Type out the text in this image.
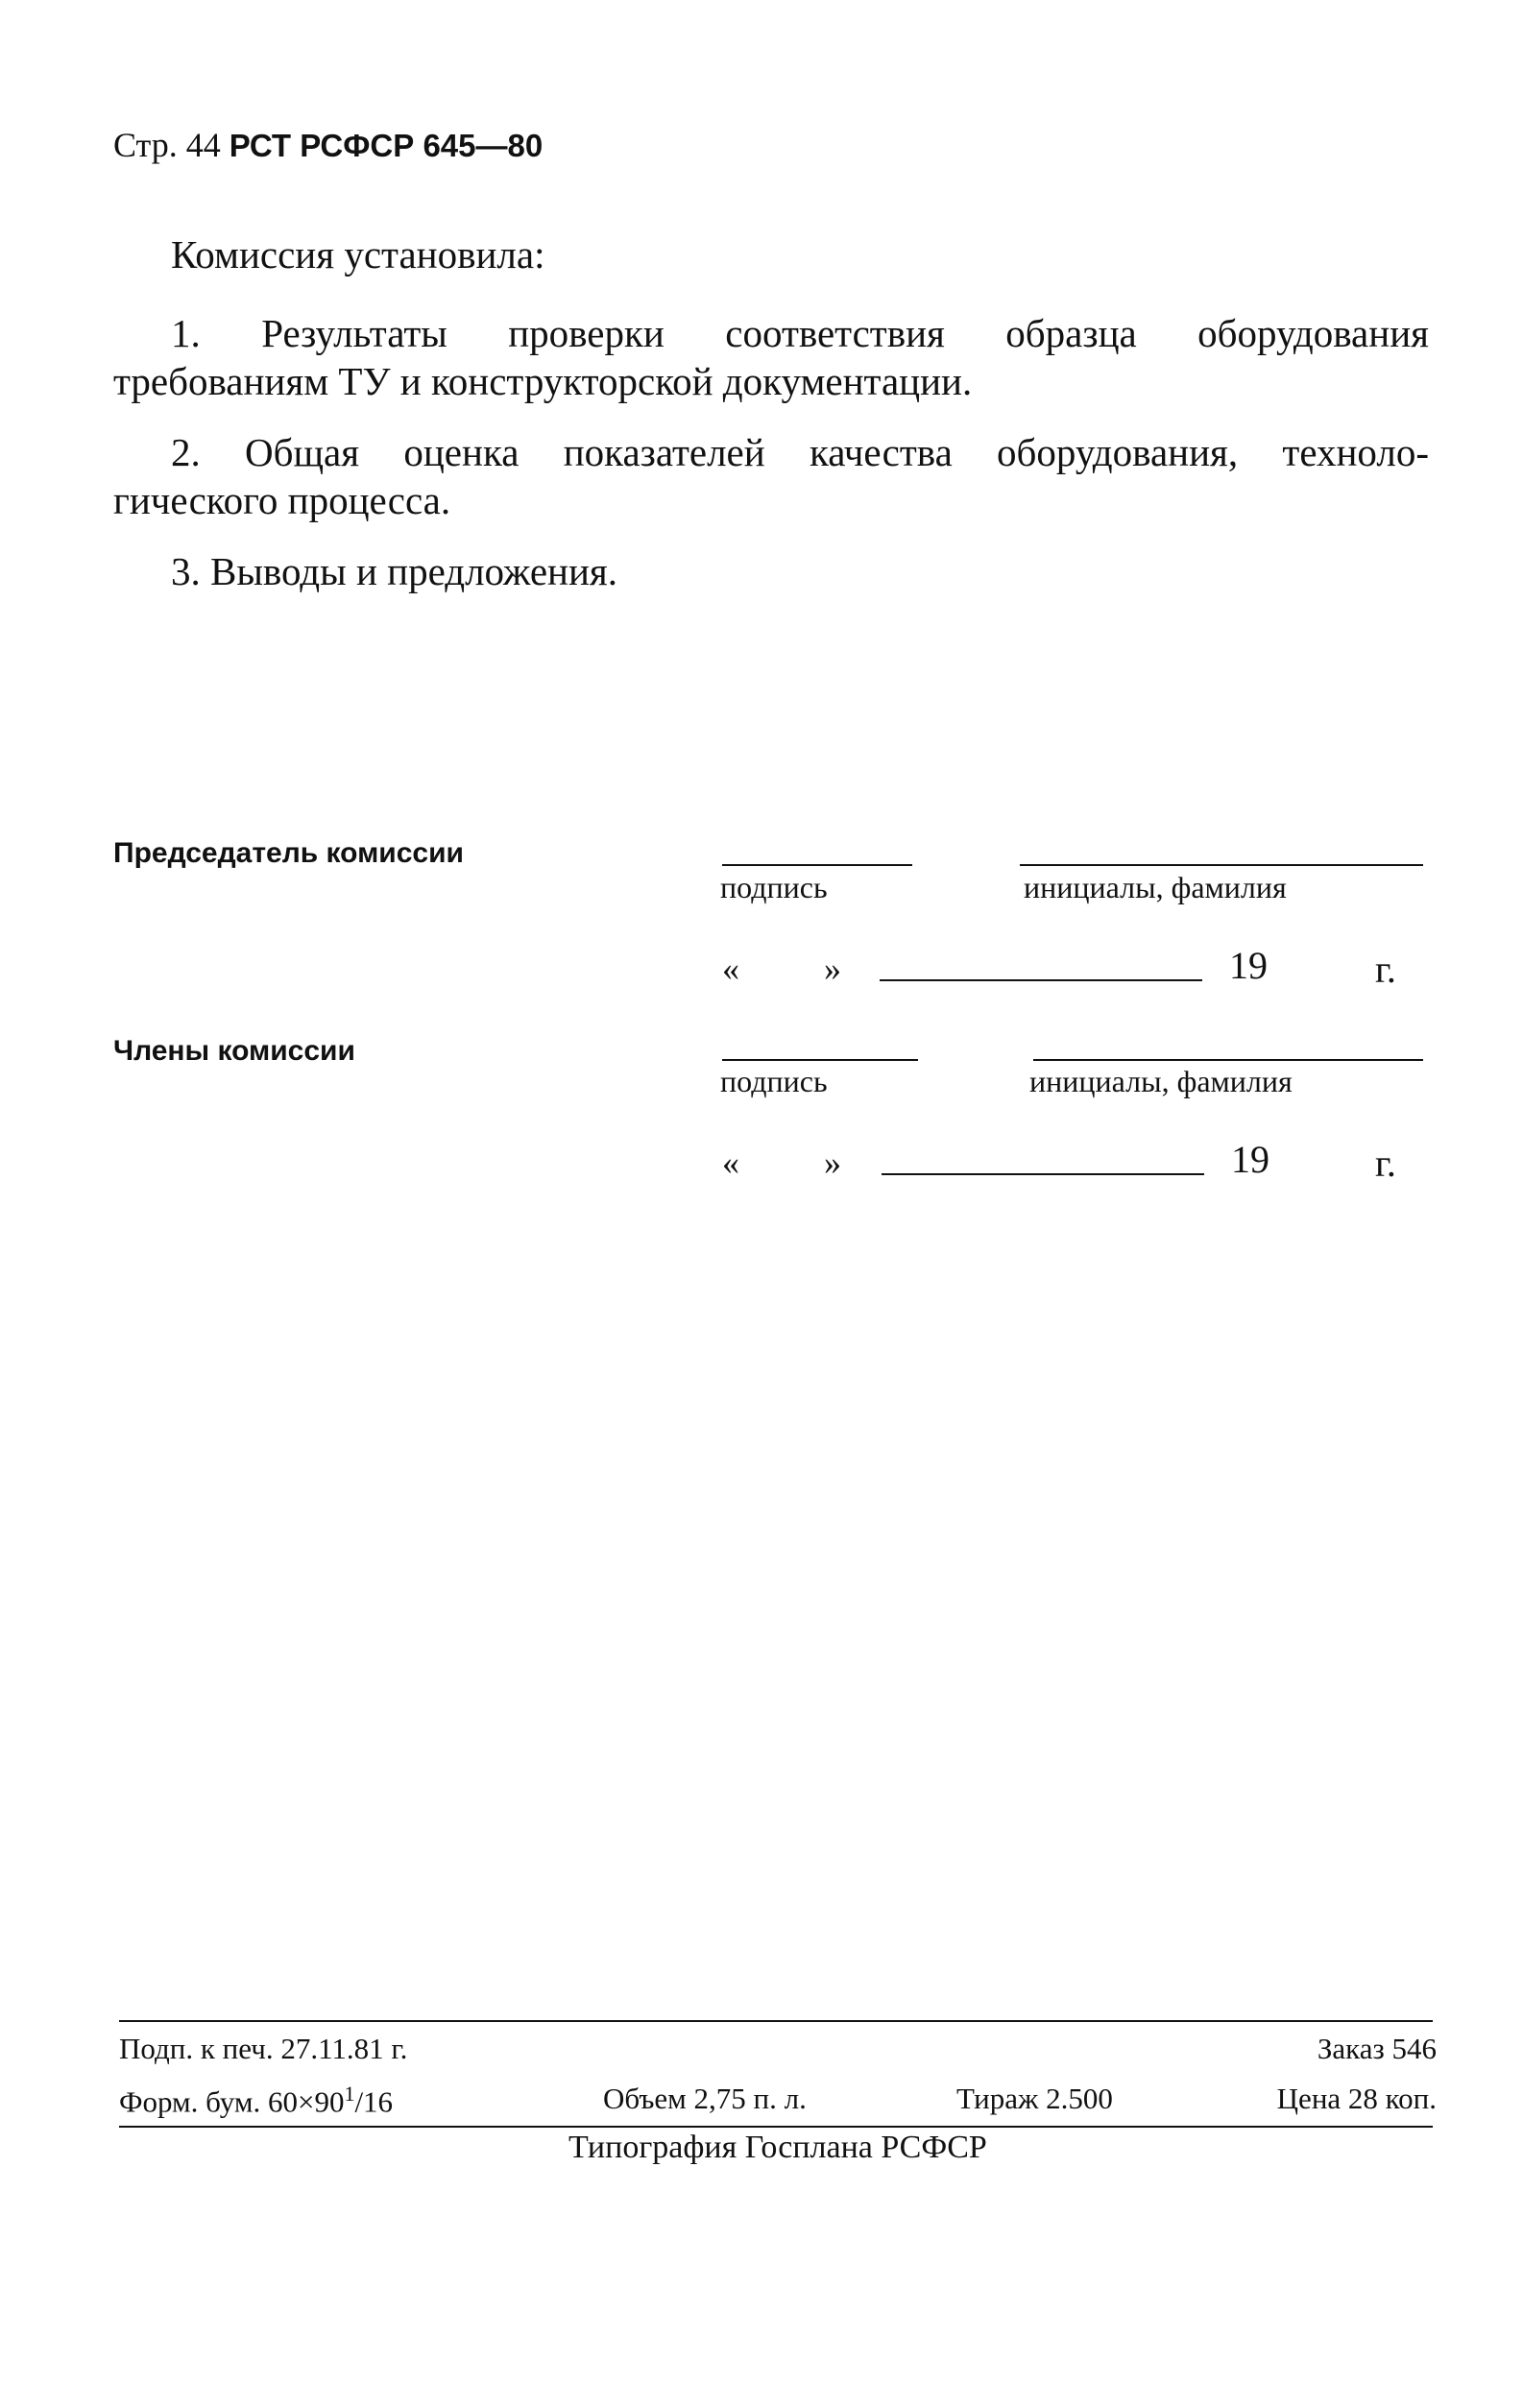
Стр. 44 РСТ РСФСР 645—80
Комиссия установила:
1. Результаты проверки соответствия образца оборудования
требованиям ТУ и конструкторской документации.
2. Общая оценка показателей качества оборудования, техноло-
гического процесса.
3. Выводы и предложения.
Председатель комиссии
подпись	инициалы, фамилия
« »	19	г.
Члены комиссии
подпись	инициалы, фамилия
« »	19	г.
Подп. к печ. 27.11.81 г.	Заказ 546
Форм. бум. $60\times 90^1/16$	Объем 2,75 п. л.	Тираж 2.500	Цена 28 коп.
Типография Госплана РСФСР
